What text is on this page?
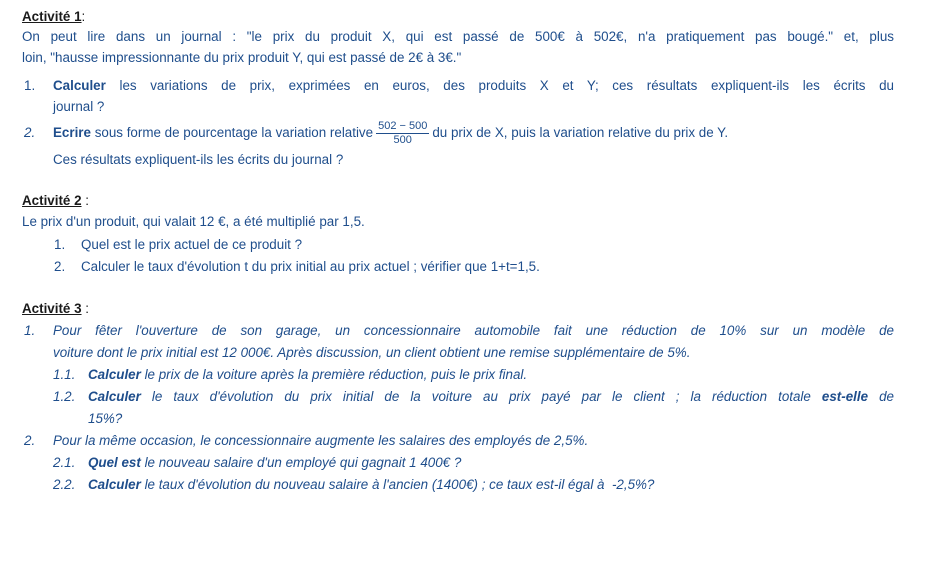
Activité 1:
On peut lire dans un journal : "le prix du produit X, qui est passé de 500€ à 502€, n'a pratiquement pas bougé." et, plus
loin, "hausse impressionnante du prix produit Y, qui est passé de 2€ à 3€."
1. Calculer les variations de prix, exprimées en euros, des produits X et Y; ces résultats expliquent-ils les écrits du
journal ?
2. Ecrire sous forme de pourcentage la variation relative $\frac{502 - 500}{500}$ du prix de X, puis la variation relative du prix de Y.
Ces résultats expliquent-ils les écrits du journal ?
Activité 2 :
Le prix d'un produit, qui valait 12 €, a été multiplié par 1,5.
1. Quel est le prix actuel de ce produit ?
2. Calculer le taux d'évolution t du prix initial au prix actuel ; vérifier que 1+t=1,5.
Activité 3 :
1. Pour fêter l'ouverture de son garage, un concessionnaire automobile fait une réduction de 10% sur un modèle de
voiture dont le prix initial est 12 000€. Après discussion, un client obtient une remise supplémentaire de 5%.
1.1. Calculer le prix de la voiture après la première réduction, puis le prix final.
1.2. Calculer le taux d'évolution du prix initial de la voiture au prix payé par le client ; la réduction totale est-elle de
15%?
2. Pour la même occasion, le concessionnaire augmente les salaires des employés de 2,5%.
2.1. Quel est le nouveau salaire d'un employé qui gagnait 1 400€ ?
2.2. Calculer le taux d'évolution du nouveau salaire à l'ancien (1400€) ; ce taux est-il égal à  -2,5%?
